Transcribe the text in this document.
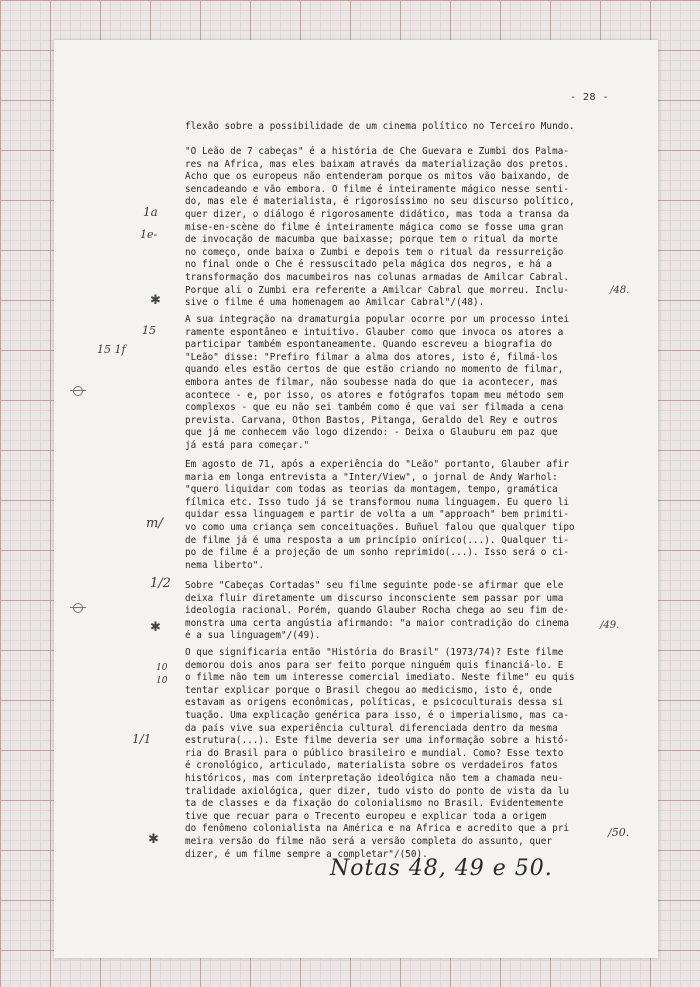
- 28 -
flexão sobre a possibilidade de um cinema político no Terceiro Mundo.
"O Leão de 7 cabeças" é a história de Che Guevara e Zumbi dos Palma-
res na África, mas eles baixam através da materialização dos pretos.
Acho que os europeus não entenderam porque os mitos vão baixando, de
sencadeando e vão embora. O filme é inteiramente mágico nesse senti-
do, mas ele é materialista, é rigorosíssimo no seu discurso político,
quer dizer, o diálogo é rigorosamente didático, mas toda a transa da
mise-en-scène do filme é inteiramente mágica como se fosse uma gran
de invocação de macumba que baixasse; porque tem o ritual da morte
no começo, onde baixa o Zumbi e depois tem o ritual da ressurreição
no final onde o Che é ressuscitado pela mágica dos negros, e há a
transformação dos macumbeiros nas colunas armadas de Amilcar Cabral.
Porque ali o Zumbi era referente a Amilcar Cabral que morreu. Inclu-
sive o filme é uma homenagem ao Amilcar Cabral"/(48).
A sua integração na dramaturgia popular ocorre por um processo intei
ramente espontâneo e intuitivo. Glauber como que invoca os atores a
participar também espontaneamente. Quando escreveu a biografia do
"Leão" disse: "Prefiro filmar a alma dos atores, isto é, filmá-los
quando eles estão certos de que estão criando no momento de filmar,
embora antes de filmar, não soubesse nada do que ia acontecer, mas
acontece - e, por isso, os atores e fotógrafos topam meu método sem
complexos - que eu não sei também como é que vai ser filmada a cena
prevista. Carvana, Othon Bastos, Pitanga, Geraldo del Rey e outros
que já me conhecem vão logo dizendo: - Deixa o Glauburu em paz que
já está para começar."
Em agosto de 71, após a experiência do "Leão" portanto, Glauber afir
maria em longa entrevista a "Inter/View", o jornal de Andy Warhol:
"quero liquidar com todas as teorias da montagem, tempo, gramática
fílmica etc. Isso tudo já se transformou numa linguagem. Eu quero li
quidar essa linguagem e partir de volta a um "approach" bem primiti-
vo como uma criança sem conceituações. Buñuel falou que qualquer tipo
de filme já é uma resposta a um princípio onírico(...). Qualquer ti-
po de filme é a projeção de um sonho reprimido(...). Isso será o ci-
nema liberto".
Sobre "Cabeças Cortadas" seu filme seguinte pode-se afirmar que ele
deixa fluir diretamente um discurso inconsciente sem passar por uma
ideologia racional. Porém, quando Glauber Rocha chega ao seu fim de-
monstra uma certa angústia afirmando: "a maior contradição do cinema
é a sua linguagem"/(49).
O que significaria então "História do Brasil" (1973/74)? Este filme
demorou dois anos para ser feito porque ninguém quis financiá-lo. E
o filme não tem um interesse comercial imediato. Neste filme" eu quis
tentar explicar porque o Brasil chegou ao medicismo, isto é, onde
estavam as origens econômicas, políticas, e psicoculturais dessa si
tuação. Uma explicação genérica para isso, é o imperialismo, mas ca-
da país vive sua experiência cultural diferenciada dentro da mesma
estrutura(...). Este filme deveria ser uma informação sobre a histó-
ria do Brasil para o público brasileiro e mundial. Como? Esse texto
é cronológico, articulado, materialista sobre os verdadeiros fatos
históricos, mas com interpretação ideológica não tem a chamada neu-
tralidade axiológica, quer dizer, tudo visto do ponto de vista da lu
ta de classes e da fixação do colonialismo no Brasil. Evidentemente
tive que recuar para o Trecento europeu e explicar toda a origem
do fenômeno colonialista na América e na África e acredito que a pri
meira versão do filme não será a versão completa do assunto, quer
dizer, é um filme sempre a completar"/(50).
1a
1e-
15
15 1f
m/
1/2
10
10
1/1
/48.
/49.
/50.
✱
✱
✱
Notas 48, 49 e 50.
